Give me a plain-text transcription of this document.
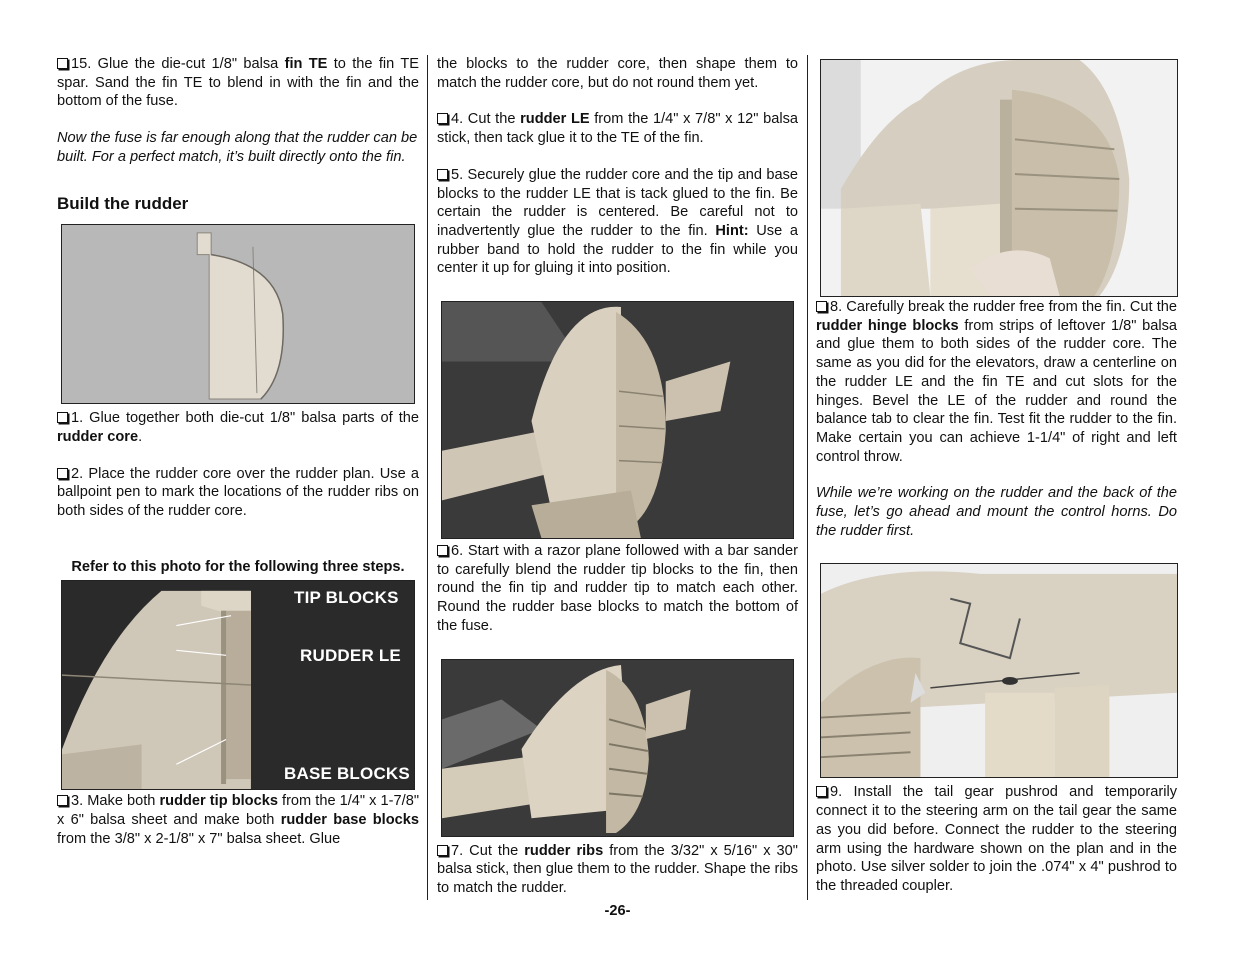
15. Glue the die-cut 1/8" balsa fin TE to the fin TE spar. Sand the fin TE to blend in with the fin and the bottom of the fuse.

Now the fuse is far enough along that the rudder can be built. For a perfect match, it’s built directly onto the fin.

Build the rudder

1. Glue together both die-cut 1/8" balsa parts of the rudder core.

2. Place the rudder core over the rudder plan. Use a ballpoint pen to mark the locations of the rudder ribs on both sides of the rudder core.

Refer to this photo for the following three steps.

TIP BLOCKS
RUDDER LE
BASE BLOCKS

3. Make both rudder tip blocks from the 1/4" x 1-7/8" x 6" balsa sheet and make both rudder base blocks from the 3/8" x 2-1/8" x 7" balsa sheet. Glue

the blocks to the rudder core, then shape them to match the rudder core, but do not round them yet.

4. Cut the rudder LE from the 1/4" x 7/8" x 12" balsa stick, then tack glue it to the TE of the fin.

5. Securely glue the rudder core and the tip and base blocks to the rudder LE that is tack glued to the fin. Be certain the rudder is centered. Be careful not to inadvertently glue the rudder to the fin. Hint: Use a rubber band to hold the rudder to the fin while you center it up for gluing it into position.

6. Start with a razor plane followed with a bar sander to carefully blend the rudder tip blocks to the fin, then round the fin tip and rudder tip to match each other. Round the rudder base blocks to match the bottom of the fuse.

7. Cut the rudder ribs from the 3/32" x 5/16" x 30" balsa stick, then glue them to the rudder. Shape the ribs to match the rudder.

8. Carefully break the rudder free from the fin. Cut the rudder hinge blocks from strips of leftover 1/8" balsa and glue them to both sides of the rudder core. The same as you did for the elevators, draw a centerline on the rudder LE and the fin TE and cut slots for the hinges. Bevel the LE of the rudder and round the balance tab to clear the fin. Test fit the rudder to the fin. Make certain you can achieve 1-1/4" of right and left control throw.

While we’re working on the rudder and the back of the fuse, let’s go ahead and mount the control horns. Do the rudder first.

9. Install the tail gear pushrod and temporarily connect it to the steering arm on the tail gear the same as you did before. Connect the rudder to the steering arm using the hardware shown on the plan and in the photo. Use silver solder to join the .074" x 4" pushrod to the threaded coupler.

-26-
